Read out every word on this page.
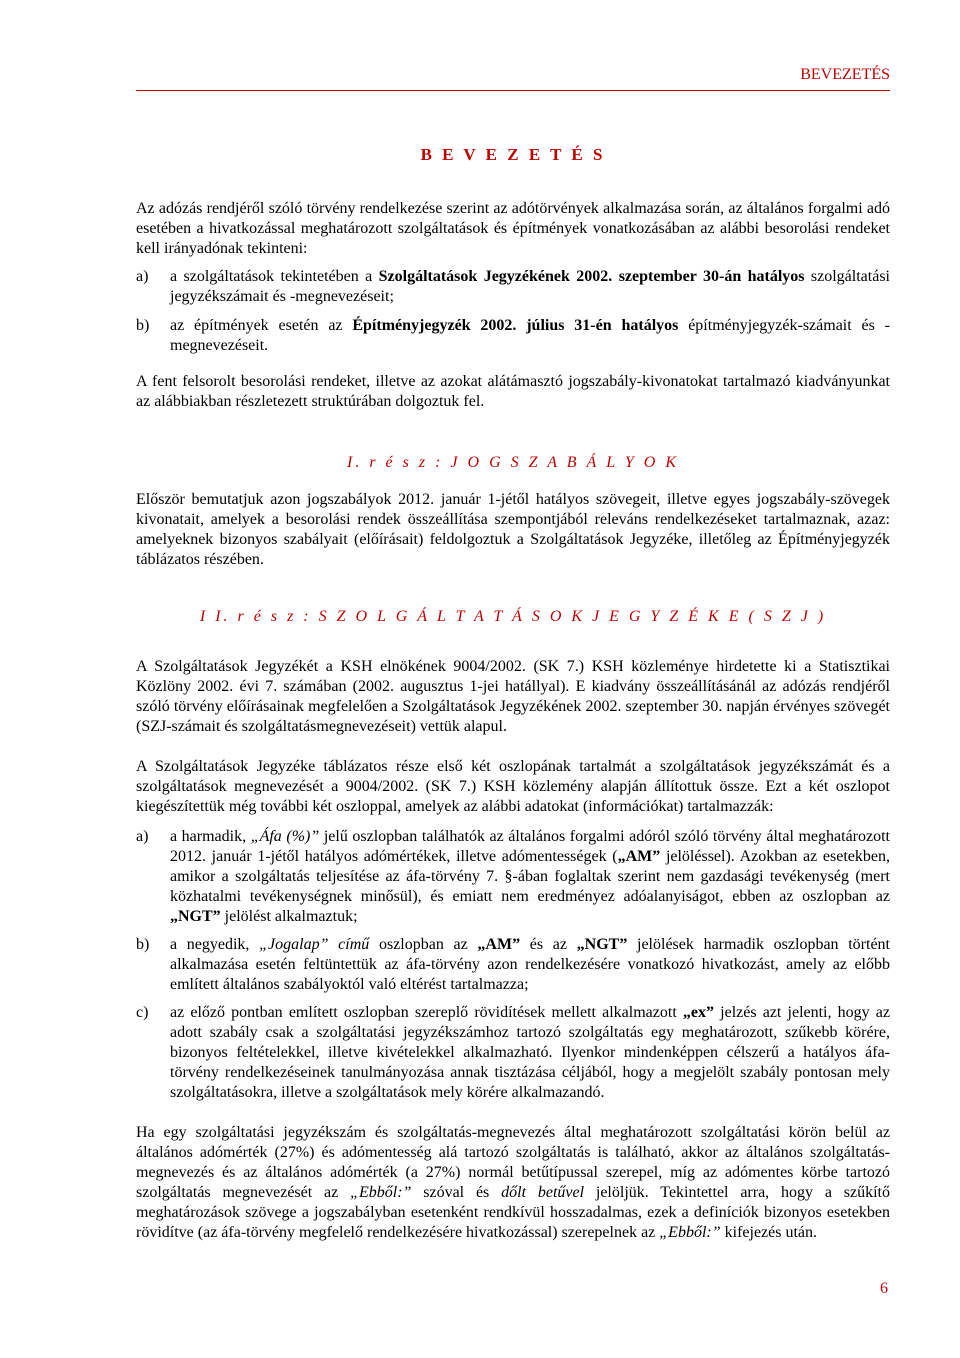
BEVEZETÉS
B E V E Z E T É S

Az adózás rendjéről szóló törvény rendelkezése szerint az adótörvények alkalmazása során, az általános forgalmi adó esetében a hivatkozással meghatározott szolgáltatások és építmények vonatkozásában az alábbi besorolási rendeket kell irányadónak tekinteni:

a)	a szolgáltatások tekintetében a Szolgáltatások Jegyzékének 2002. szeptember 30-án hatályos szolgáltatási jegyzékszámait és -megnevezéseit;
b)	az építmények esetén az Építményjegyzék 2002. július 31-én hatályos építményjegyzék-számait és -megnevezéseit.

A fent felsorolt besorolási rendeket, illetve az azokat alátámasztó jogszabály-kivonatokat tartalmazó kiadványunkat az alábbiakban részletezett struktúrában dolgoztuk fel.

I. r é s z : J O G S Z A B Á L Y O K

Először bemutatjuk azon jogszabályok 2012. január 1-jétől hatályos szövegeit, illetve egyes jogszabály-szövegek kivonatait, amelyek a besorolási rendek összeállítása szempontjából releváns rendelkezéseket tartalmaznak, azaz: amelyeknek bizonyos szabályait (előírásait) feldolgoztuk a Szolgáltatások Jegyzéke, illetőleg az Építményjegyzék táblázatos részében.

I I. r é s z : S Z O L G Á L T A T Á S O K J E G Y Z É K E ( S Z J )

A Szolgáltatások Jegyzékét a KSH elnökének 9004/2002. (SK 7.) KSH közleménye hirdetette ki a Statisztikai Közlöny 2002. évi 7. számában (2002. augusztus 1-jei hatállyal). E kiadvány összeállításánál az adózás rendjéről szóló törvény előírásainak megfelelően a Szolgáltatások Jegyzékének 2002. szeptember 30. napján érvényes szövegét (SZJ-számait és szolgáltatásmegnevezéseit) vettük alapul.

A Szolgáltatások Jegyzéke táblázatos része első két oszlopának tartalmát a szolgáltatások jegyzékszámát és a szolgáltatások megnevezését a 9004/2002. (SK 7.) KSH közlemény alapján állítottuk össze. Ezt a két oszlopot kiegészítettük még további két oszloppal, amelyek az alábbi adatokat (információkat) tartalmazzák:

a)	a harmadik, „Áfa (%)” jelű oszlopban találhatók az általános forgalmi adóról szóló törvény által meghatározott 2012. január 1-jétől hatályos adómértékek, illetve adómentességek („AM” jelöléssel). Azokban az esetekben, amikor a szolgáltatás teljesítése az áfa-törvény 7. §-ában foglaltak szerint nem gazdasági tevékenység (mert közhatalmi tevékenységnek minősül), és emiatt nem eredményez adóalanyiságot, ebben az oszlopban az „NGT” jelölést alkalmaztuk;
b)	a negyedik, „Jogalap” című oszlopban az „AM” és az „NGT” jelölések harmadik oszlopban történt alkalmazása esetén feltüntettük az áfa-törvény azon rendelkezésére vonatkozó hivatkozást, amely az előbb említett általános szabályoktól való eltérést tartalmazza;
c)	az előző pontban említett oszlopban szereplő rövidítések mellett alkalmazott „ex” jelzés azt jelenti, hogy az adott szabály csak a szolgáltatási jegyzékszámhoz tartozó szolgáltatás egy meghatározott, szűkebb körére, bizonyos feltételekkel, illetve kivételekkel alkalmazható. Ilyenkor mindenképpen célszerű a hatályos áfa-törvény rendelkezéseinek tanulmányozása annak tisztázása céljából, hogy a megjelölt szabály pontosan mely szolgáltatásokra, illetve a szolgáltatások mely körére alkalmazandó.

Ha egy szolgáltatási jegyzékszám és szolgáltatás-megnevezés által meghatározott szolgáltatási körön belül az általános adómérték (27%) és adómentesség alá tartozó szolgáltatás is található, akkor az általános szolgáltatás-megnevezés és az általános adómérték (a 27%) normál betűtípussal szerepel, míg az adómentes körbe tartozó szolgáltatás megnevezését az „Ebből:” szóval és dőlt betűvel jelöljük. Tekintettel arra, hogy a szűkítő meghatározások szövege a jogszabályban esetenként rendkívül hosszadalmas, ezek a definíciók bizonyos esetekben rövidítve (az áfa-törvény megfelelő rendelkezésére hivatkozással) szerepelnek az „Ebből:” kifejezés után.

6
